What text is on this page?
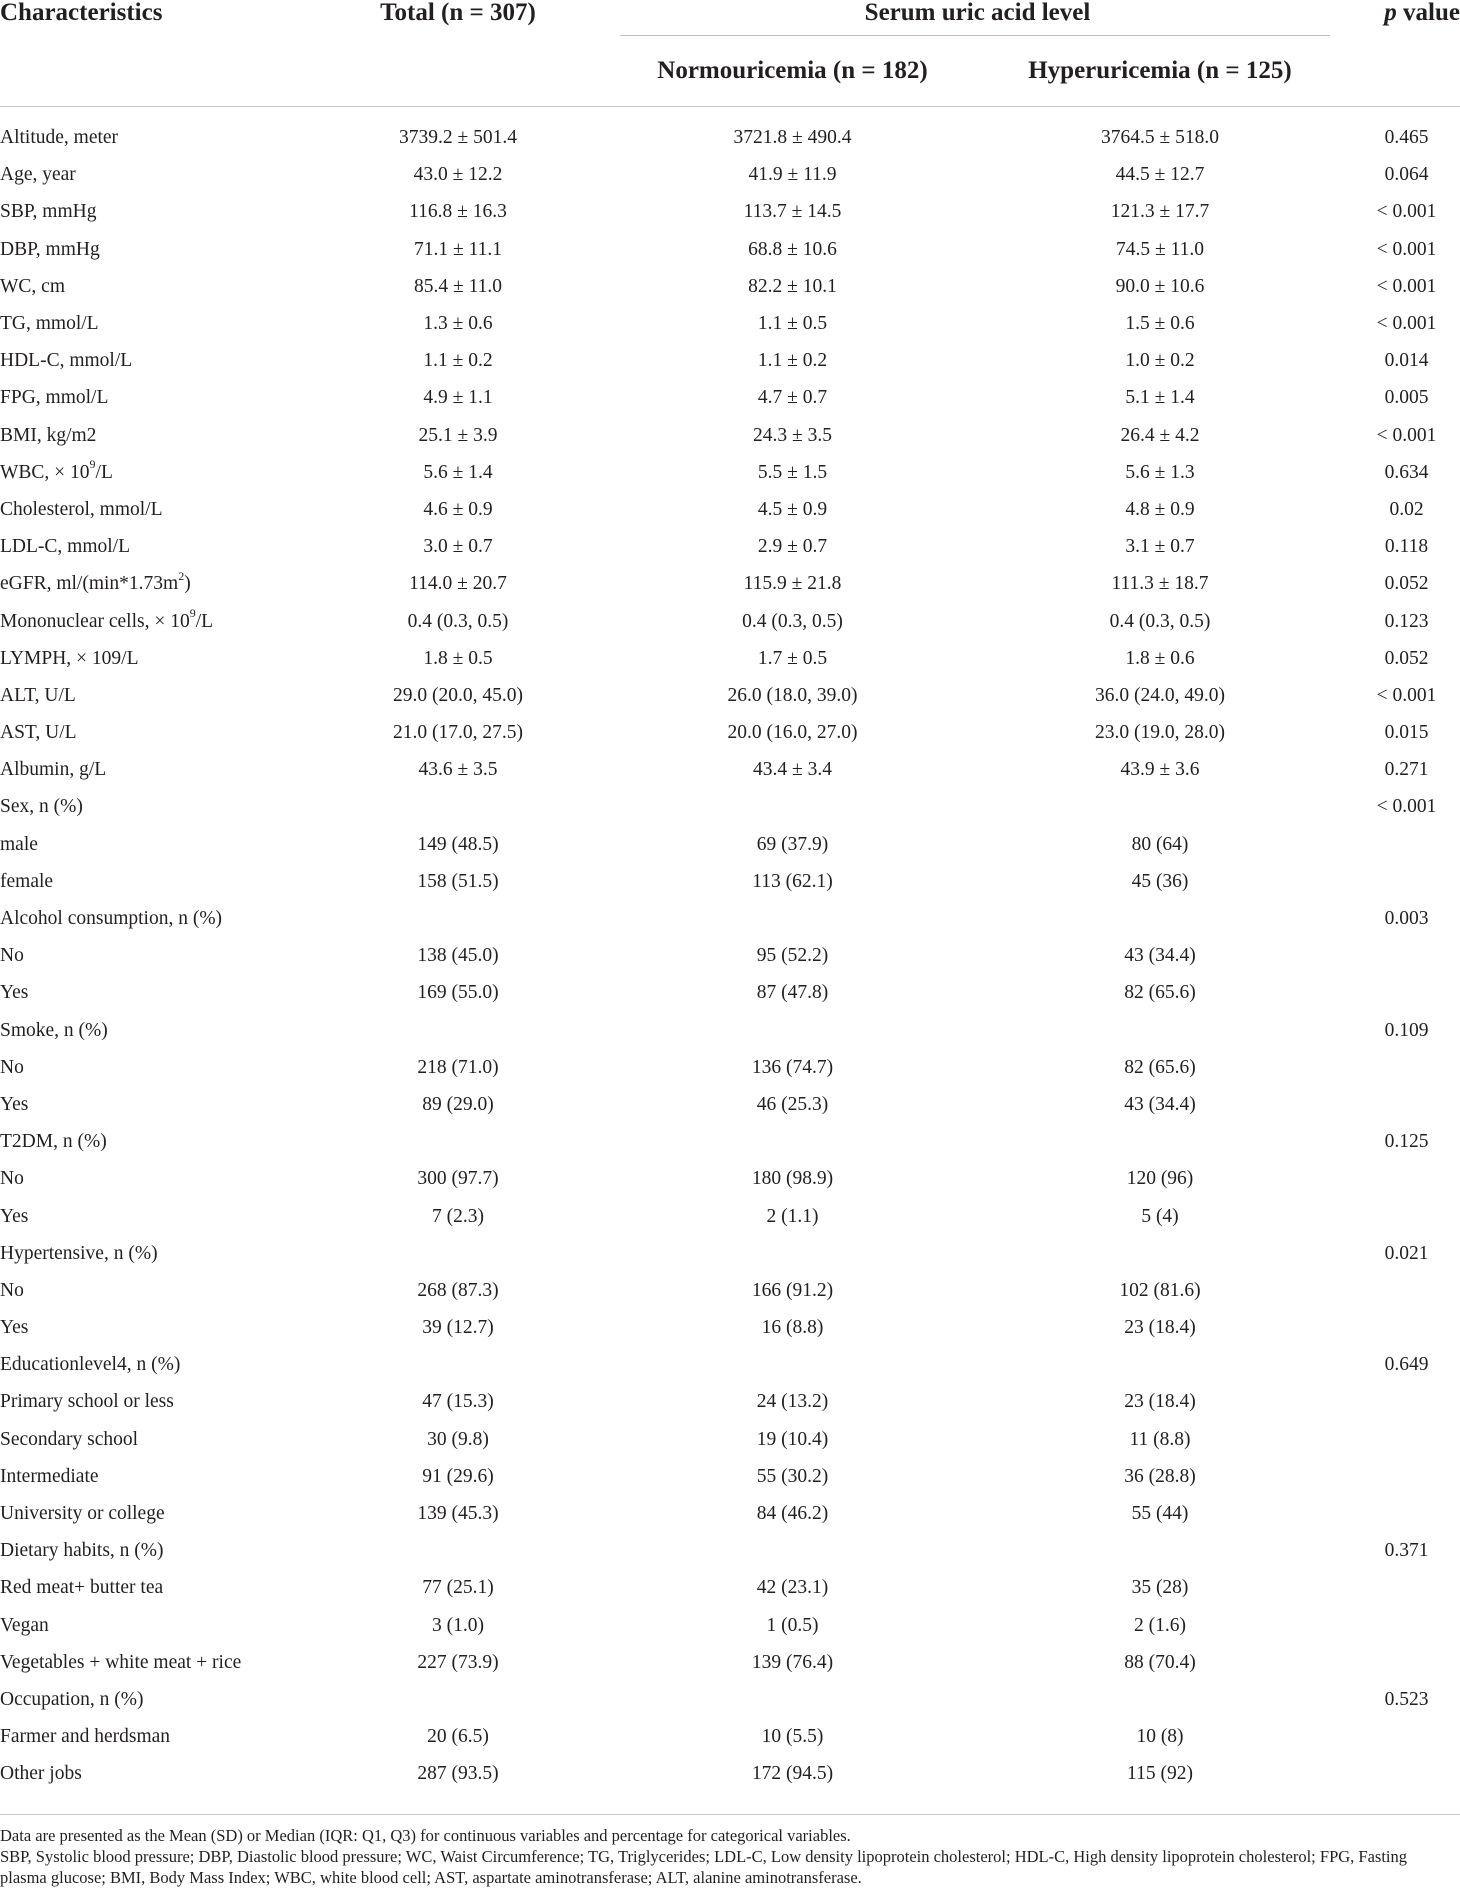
Characteristics	Total (n = 307)	Serum uric acid level		p value
		Normouricemia (n = 182)	Hyperuricemia (n = 125)	
Altitude, meter	3739.2 ± 501.4	3721.8 ± 490.4	3764.5 ± 518.0	0.465
Age, year	43.0 ± 12.2	41.9 ± 11.9	44.5 ± 12.7	0.064
SBP, mmHg	116.8 ± 16.3	113.7 ± 14.5	121.3 ± 17.7	< 0.001
DBP, mmHg	71.1 ± 11.1	68.8 ± 10.6	74.5 ± 11.0	< 0.001
WC, cm	85.4 ± 11.0	82.2 ± 10.1	90.0 ± 10.6	< 0.001
TG, mmol/L	1.3 ± 0.6	1.1 ± 0.5	1.5 ± 0.6	< 0.001
HDL-C, mmol/L	1.1 ± 0.2	1.1 ± 0.2	1.0 ± 0.2	0.014
FPG, mmol/L	4.9 ± 1.1	4.7 ± 0.7	5.1 ± 1.4	0.005
BMI, kg/m2	25.1 ± 3.9	24.3 ± 3.5	26.4 ± 4.2	< 0.001
WBC, × $10^9/L$	5.6 ± 1.4	5.5 ± 1.5	5.6 ± 1.3	0.634
Cholesterol, mmol/L	4.6 ± 0.9	4.5 ± 0.9	4.8 ± 0.9	0.02
LDL-C, mmol/L	3.0 ± 0.7	2.9 ± 0.7	3.1 ± 0.7	0.118
eGFR, $ml/(\min*1.73m^2)$	114.0 ± 20.7	115.9 ± 21.8	111.3 ± 18.7	0.052
Mononuclear cells, × $10^9/L$	0.4 (0.3, 0.5)	0.4 (0.3, 0.5)	0.4 (0.3, 0.5)	0.123
LYMPH, × 109/L	1.8 ± 0.5	1.7 ± 0.5	1.8 ± 0.6	0.052
ALT, U/L	29.0 (20.0, 45.0)	26.0 (18.0, 39.0)	36.0 (24.0, 49.0)	< 0.001
AST, U/L	21.0 (17.0, 27.5)	20.0 (16.0, 27.0)	23.0 (19.0, 28.0)	0.015
Albumin, g/L	43.6 ± 3.5	43.4 ± 3.4	43.9 ± 3.6	0.271
Sex, n (%)				< 0.001
male	149 (48.5)	69 (37.9)	80 (64)	
female	158 (51.5)	113 (62.1)	45 (36)	
Alcohol consumption, n (%)				0.003
No	138 (45.0)	95 (52.2)	43 (34.4)	
Yes	169 (55.0)	87 (47.8)	82 (65.6)	
Smoke, n (%)				0.109
No	218 (71.0)	136 (74.7)	82 (65.6)	
Yes	89 (29.0)	46 (25.3)	43 (34.4)	
T2DM, n (%)				0.125
No	300 (97.7)	180 (98.9)	120 (96)	
Yes	7 (2.3)	2 (1.1)	5 (4)	
Hypertensive, n (%)				0.021
No	268 (87.3)	166 (91.2)	102 (81.6)	
Yes	39 (12.7)	16 (8.8)	23 (18.4)	
Educationlevel4, n (%)				0.649
Primary school or less	47 (15.3)	24 (13.2)	23 (18.4)	
Secondary school	30 (9.8)	19 (10.4)	11 (8.8)	
Intermediate	91 (29.6)	55 (30.2)	36 (28.8)	
University or college	139 (45.3)	84 (46.2)	55 (44)	
Dietary habits, n (%)				0.371
Red meat+ butter tea	77 (25.1)	42 (23.1)	35 (28)	
Vegan	3 (1.0)	1 (0.5)	2 (1.6)	
Vegetables + white meat + rice	227 (73.9)	139 (76.4)	88 (70.4)	
Occupation, n (%)				0.523
Farmer and herdsman	20 (6.5)	10 (5.5)	10 (8)	
Other jobs	287 (93.5)	172 (94.5)	115 (92)	

Data are presented as the Mean (SD) or Median (IQR: Q1, Q3) for continuous variables and percentage for categorical variables.

SBP, Systolic blood pressure; DBP, Diastolic blood pressure; WC, Waist Circumference; TG, Triglycerides; LDL-C, Low density lipoprotein cholesterol; HDL-C, High density lipoprotein cholesterol; FPG, Fasting plasma glucose; BMI, Body Mass Index; WBC, white blood cell; AST, aspartate aminotransferase; ALT, alanine aminotransferase.
